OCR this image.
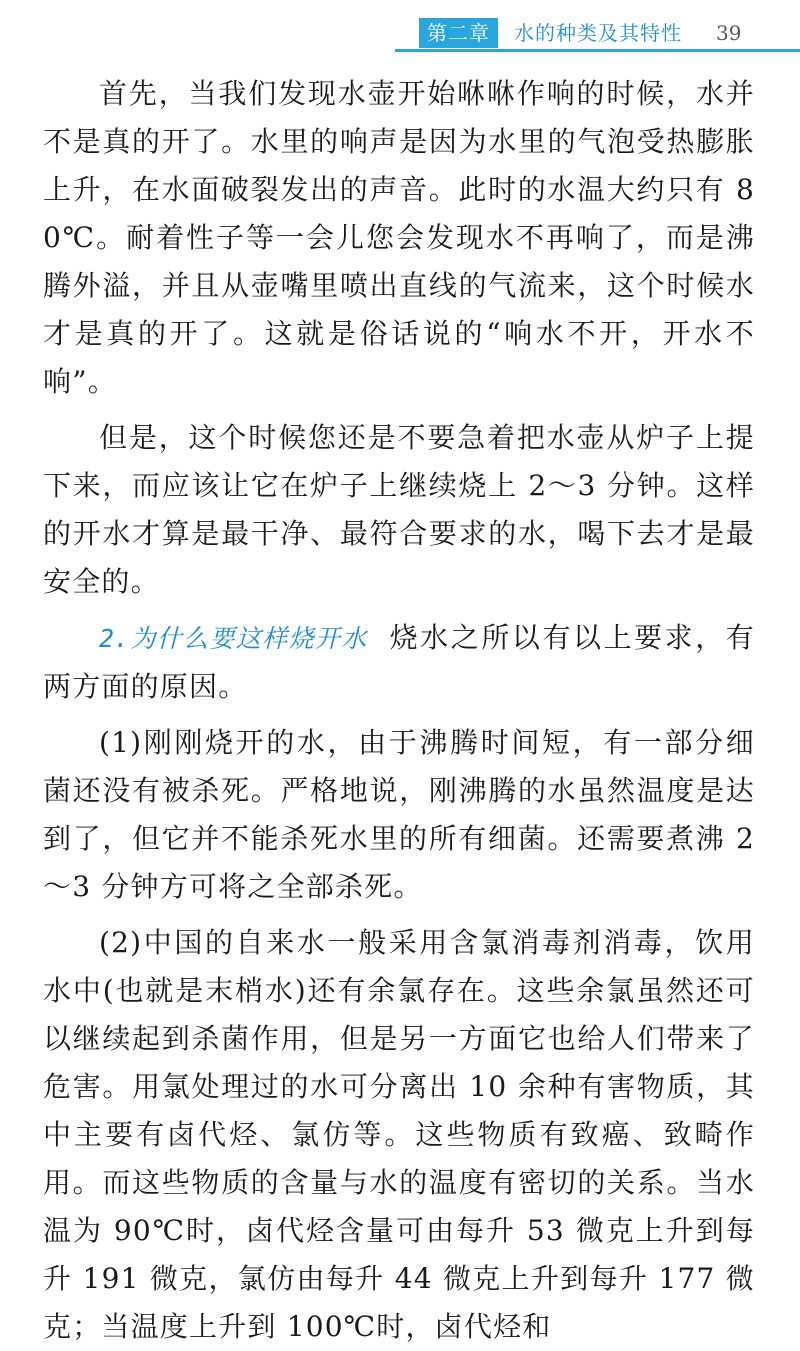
第二章	水的种类及其特性 39

首先，当我们发现水壶开始咻咻作响的时候，水并不是真的开了。水里的响声是因为水里的气泡受热膨胀上升，在水面破裂发出的声音。此时的水温大约只有 80℃。耐着性子等一会儿您会发现水不再响了，而是沸腾外溢，并且从壶嘴里喷出直线的气流来，这个时候水才是真的开了。这就是俗话说的“响水不开，开水不响”。

但是，这个时候您还是不要急着把水壶从炉子上提下来，而应该让它在炉子上继续烧上 2～3 分钟。这样的开水才算是最干净、最符合要求的水，喝下去才是最安全的。

2.为什么要这样烧开水 烧水之所以有以上要求，有两方面的原因。

(1)刚刚烧开的水，由于沸腾时间短，有一部分细菌还没有被杀死。严格地说，刚沸腾的水虽然温度是达到了，但它并不能杀死水里的所有细菌。还需要煮沸 2～3 分钟方可将之全部杀死。

(2)中国的自来水一般采用含氯消毒剂消毒，饮用水中(也就是末梢水)还有余氯存在。这些余氯虽然还可以继续起到杀菌作用，但是另一方面它也给人们带来了危害。用氯处理过的水可分离出 10 余种有害物质，其中主要有卤代烃、氯仿等。这些物质有致癌、致畸作用。而这些物质的含量与水的温度有密切的关系。当水温为 90℃时，卤代烃含量可由每升 53 微克上升到每升 191 微克，氯仿由每升 44 微克上升到每升 177 微克；当温度上升到 100℃时，卤代烃和
